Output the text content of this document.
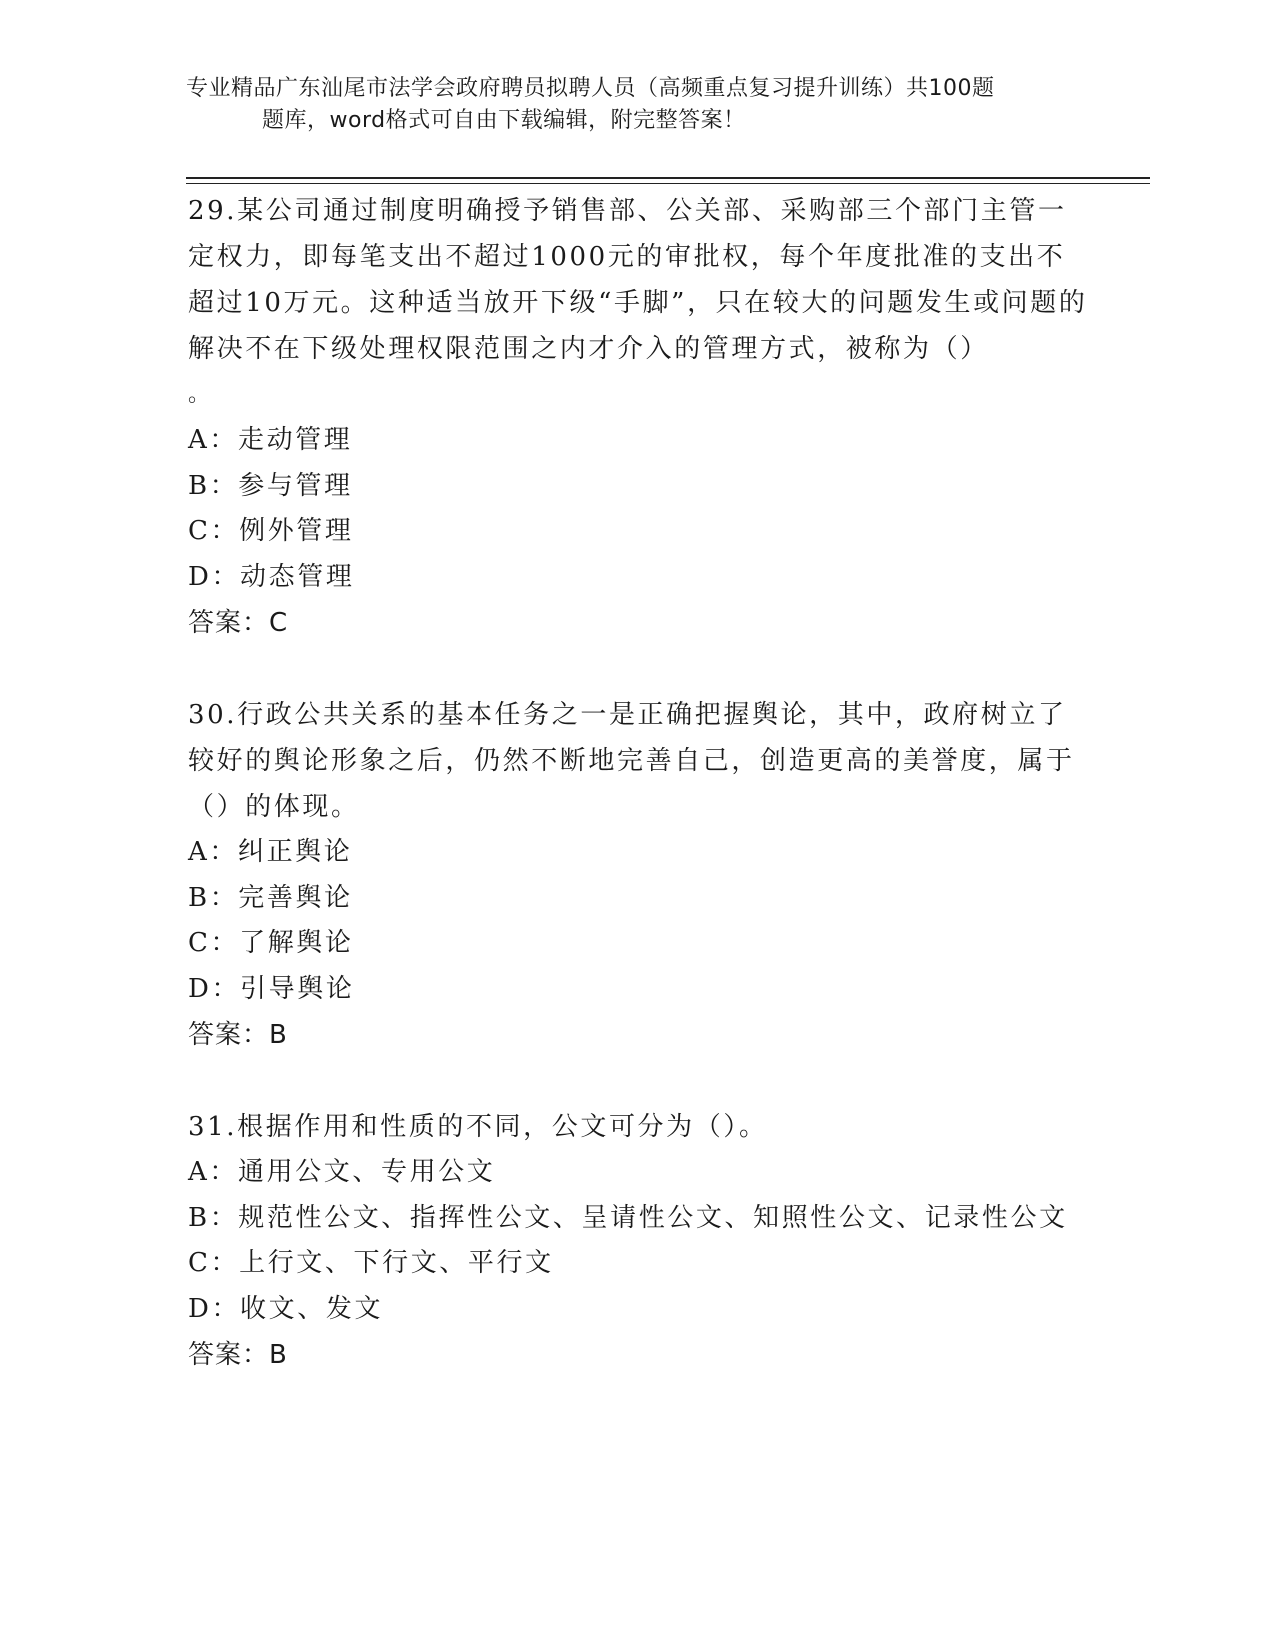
专业精品广东汕尾市法学会政府聘员拟聘人员（高频重点复习提升训练）共100题
题库，word格式可自由下载编辑，附完整答案！

29.某公司通过制度明确授予销售部、公关部、采购部三个部门主管一定权力，即每笔支出不超过1000元的审批权，每个年度批准的支出不超过10万元。这种适当放开下级“手脚”，只在较大的问题发生或问题的解决不在下级处理权限范围之内才介入的管理方式，被称为（）
。

A：走动管理

B：参与管理

C：例外管理

D：动态管理

答案：C

30.行政公共关系的基本任务之一是正确把握舆论，其中，政府树立了较好的舆论形象之后，仍然不断地完善自己，创造更高的美誉度，属于（）的体现。

A：纠正舆论

B：完善舆论

C：了解舆论

D：引导舆论

答案：B

31.根据作用和性质的不同，公文可分为（）。

A：通用公文、专用公文

B：规范性公文、指挥性公文、呈请性公文、知照性公文、记录性公文

C：上行文、下行文、平行文

D：收文、发文

答案：B
